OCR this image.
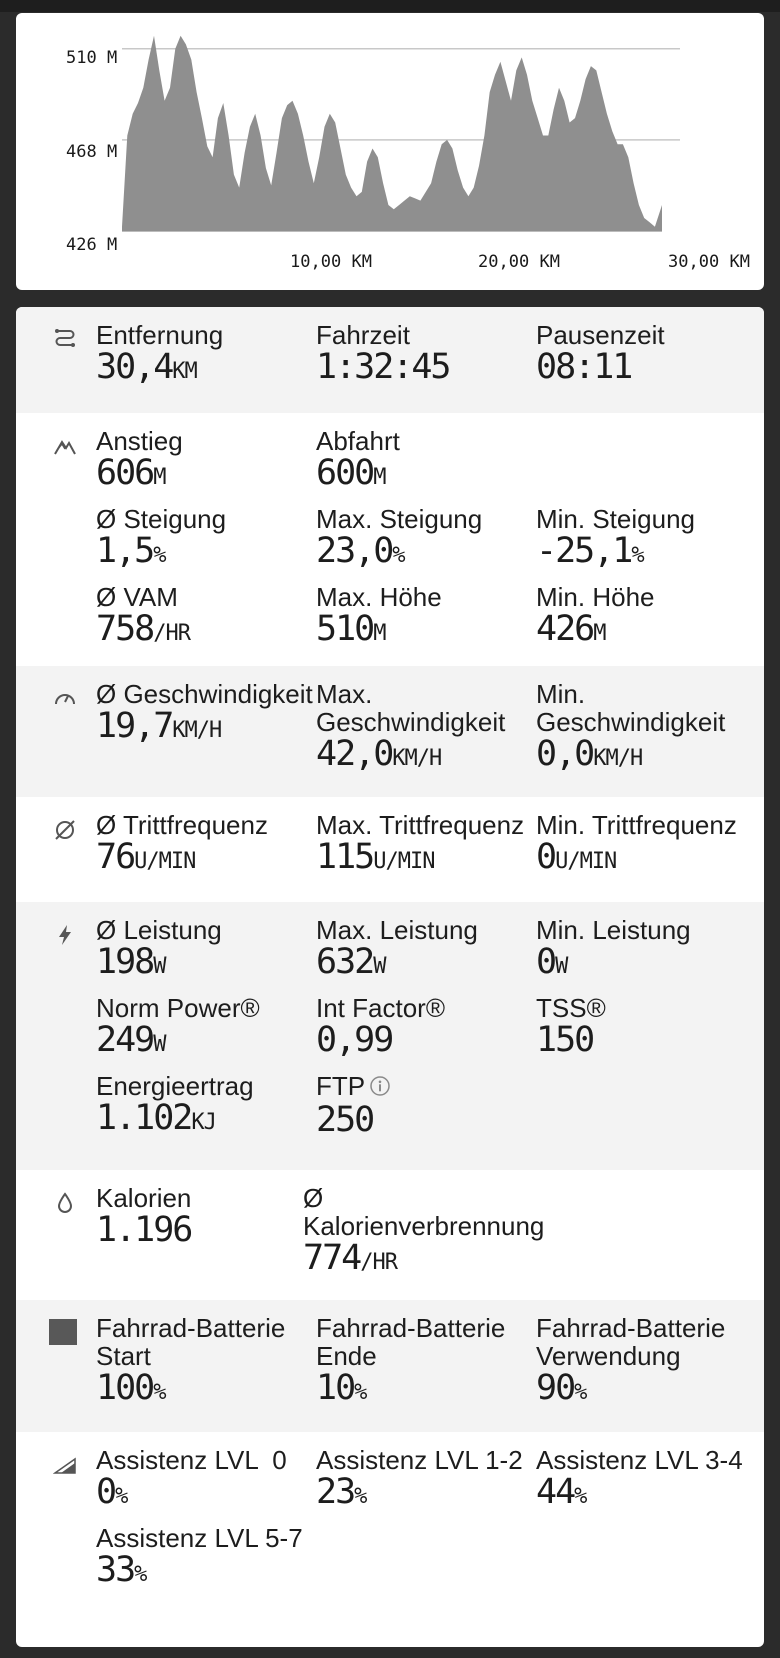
510 M
468 M
426 M
10,00 KM	20,00 KM	30,00 KM
Entfernung
30,4KM
Fahrzeit
1:32:45
Pausenzeit
08:11
Anstieg
606M
Abfahrt
600M
Ø Steigung
1,5%
Max. Steigung
23,0%
Min. Steigung
-25,1%
Ø VAM
758/HR
Max. Höhe
510M
Min. Höhe
426M
Ø Geschwindigkeit
19,7KM/H
Max.
Geschwindigkeit
42,0KM/H
Min.
Geschwindigkeit
0,0KM/H
Ø Trittfrequenz
76U/MIN
Max. Trittfrequenz
115U/MIN
Min. Trittfrequenz
0U/MIN
Ø Leistung
198W
Max. Leistung
632W
Min. Leistung
0W
Norm Power®
249W
Int Factor®
0,99
TSS®
150
Energieertrag
1.102KJ
FTP
250
Kalorien
1.196
Ø
Kalorienverbrennung
774/HR
Fahrrad-Batterie
Start
100%
Fahrrad-Batterie
Ende
10%
Fahrrad-Batterie
Verwendung
90%
Assistenz LVL  0
0%
Assistenz LVL 1-2
23%
Assistenz LVL 3-4
44%
Assistenz LVL 5-7
33%
